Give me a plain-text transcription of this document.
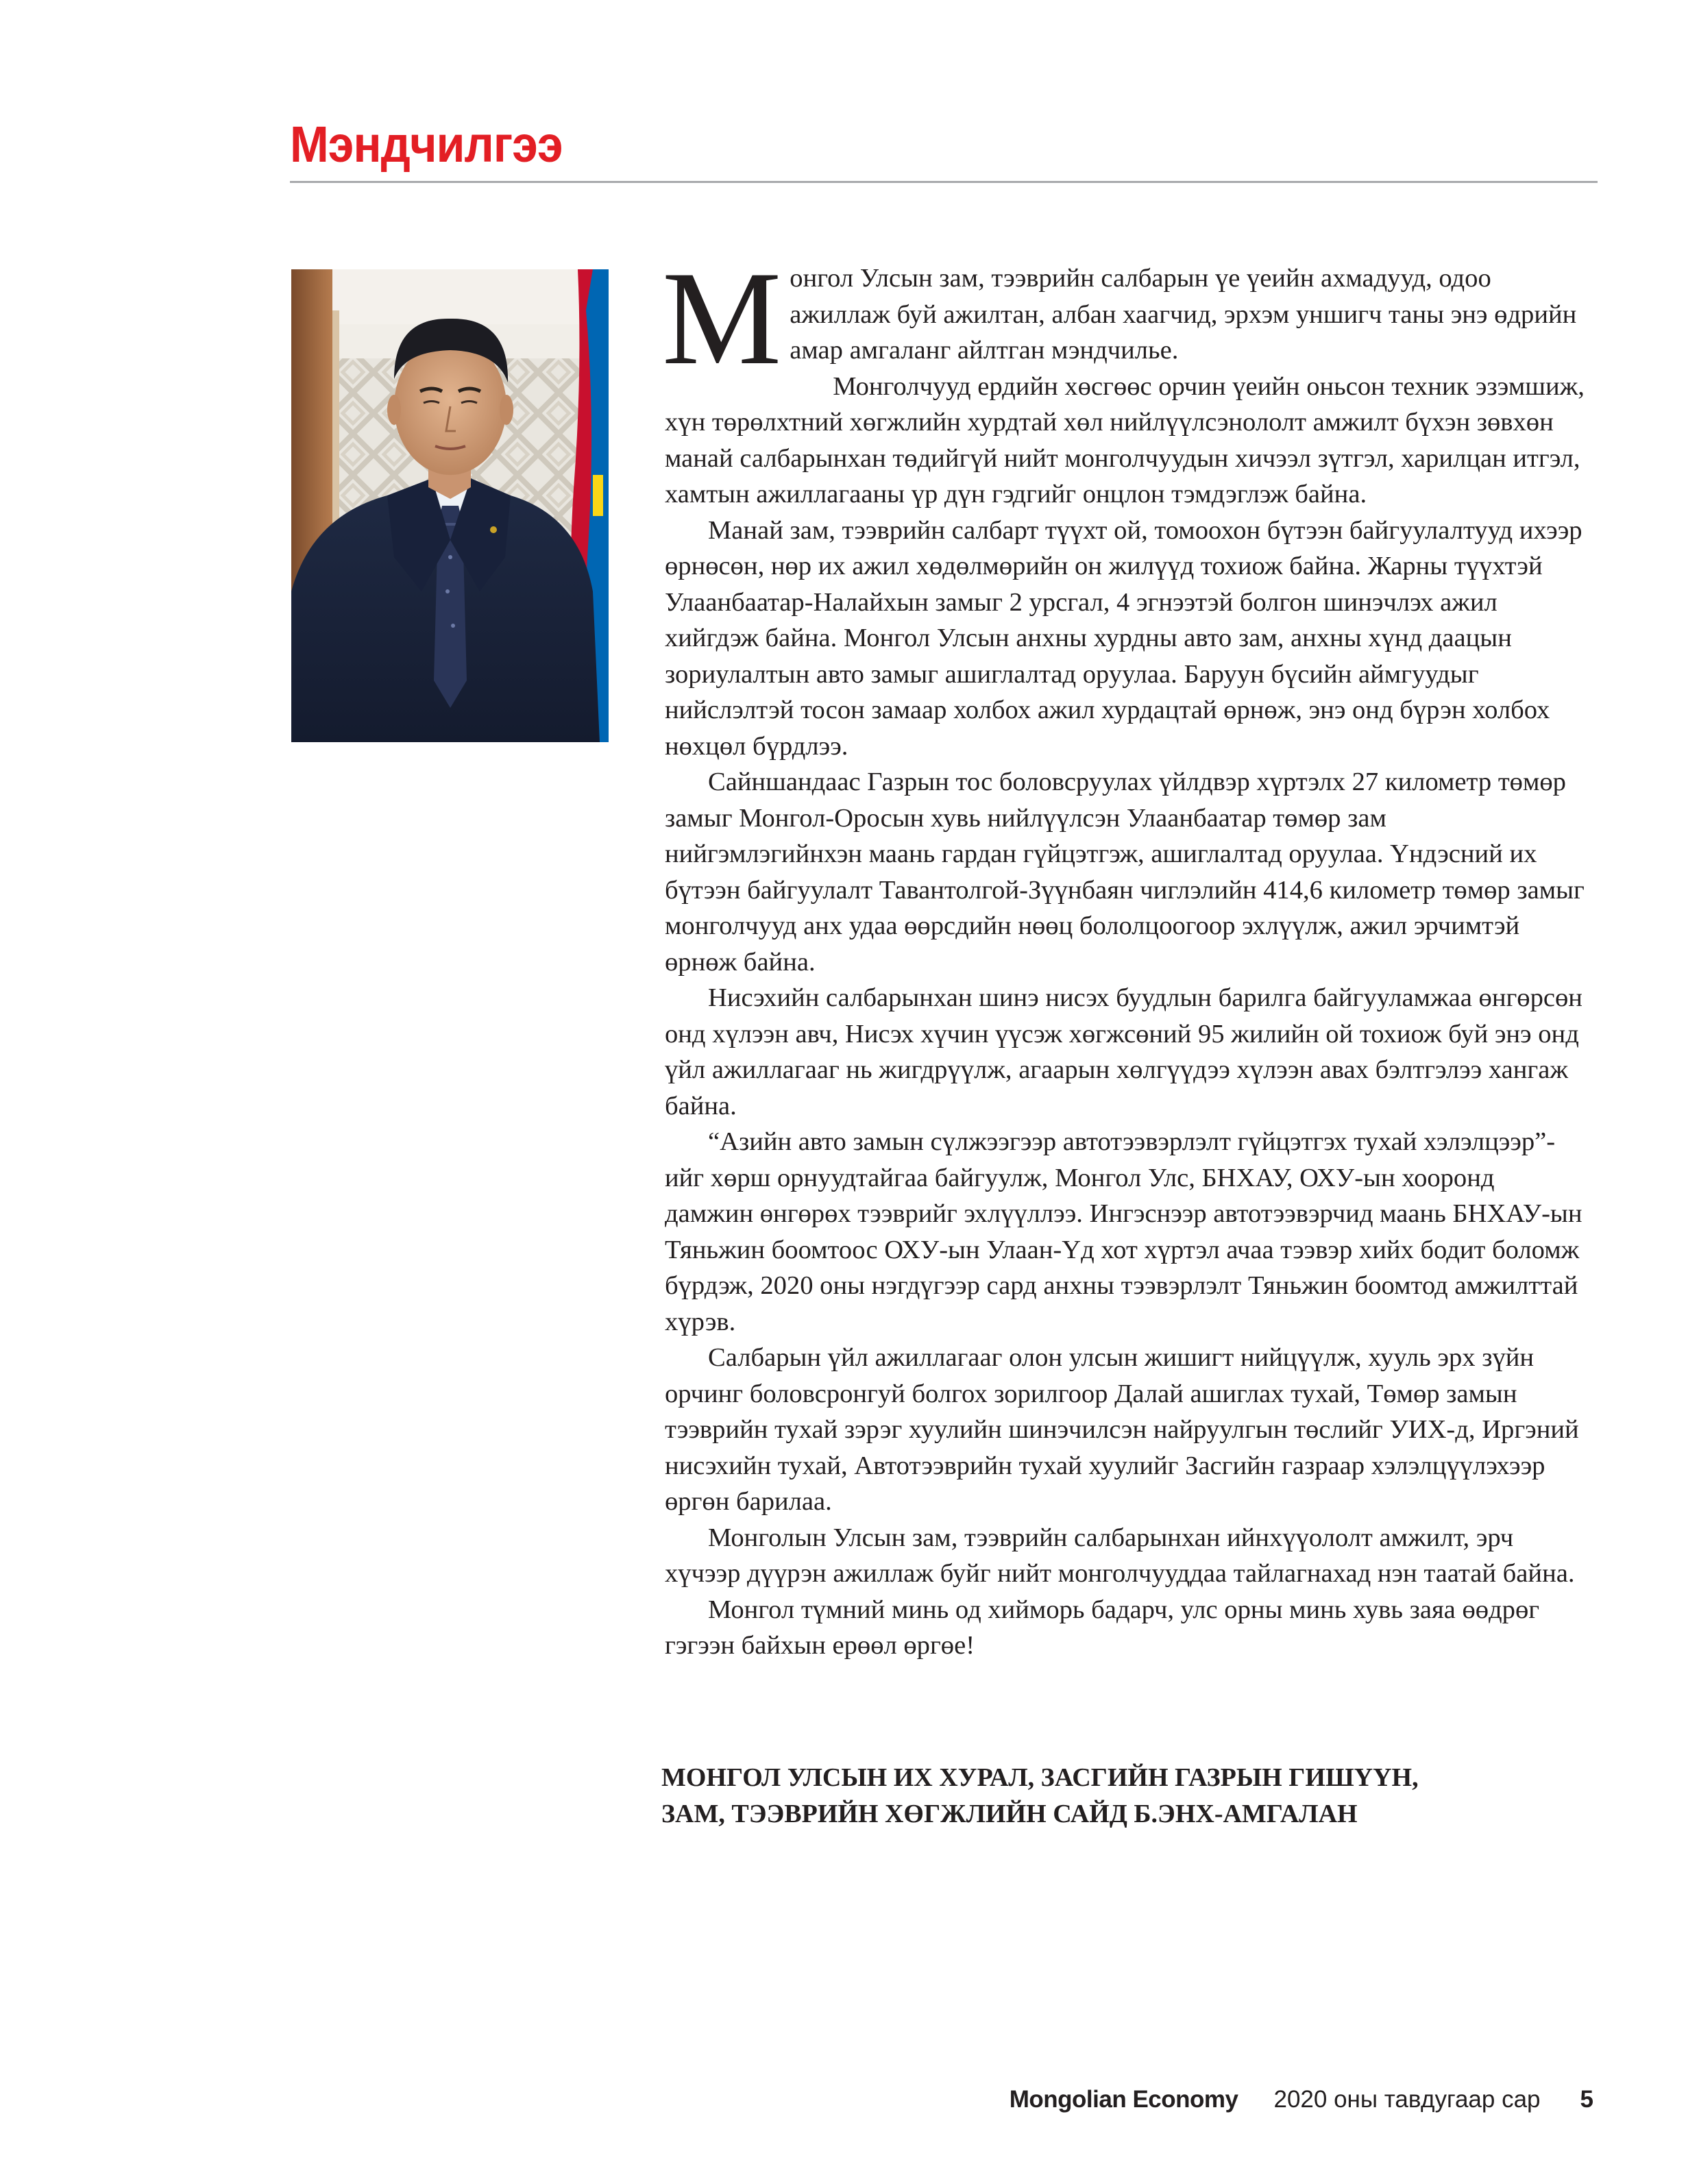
Мэндчилгээ

Монгол Улсын зам, тээврийн салбарын үе үеийн ахмадууд, одоо ажиллаж буй ажилтан, албан хаагчид, эрхэм уншигч таны энэ өдрийн амар амгаланг айлтган мэндчилье.

Монголчууд ердийн хөсгөөс орчин үеийн оньсон техник эзэмшиж, хүн төрөлхтний хөгжлийн хурдтай хөл нийлүүлсэнололт амжилт бүхэн зөвхөн манай салбарынхан төдийгүй нийт монголчуудын хичээл зүтгэл, харилцан итгэл, хамтын ажиллагааны үр дүн гэдгийг онцлон тэмдэглэж байна.

Манай зам, тээврийн салбарт түүхт ой, томоохон бүтээн байгуулалтууд ихээр өрнөсөн, нөр их ажил хөдөлмөрийн он жилүүд тохиож байна. Жарны түүхтэй Улаанбаатар-Налайхын замыг 2 урсгал, 4 эгнээтэй болгон шинэчлэх ажил хийгдэж байна. Монгол Улсын анхны хурдны авто зам, анхны хүнд даацын зориулалтын авто замыг ашиглалтад оруулаа. Баруун бүсийн аймгуудыг нийслэлтэй тосон замаар холбох ажил хурдацтай өрнөж, энэ онд бүрэн холбох нөхцөл бүрдлээ.

Сайншандаас Газрын тос боловсруулах үйлдвэр хүртэлх 27 километр төмөр замыг Монгол-Оросын хувь нийлүүлсэн Улаанбаатар төмөр зам нийгэмлэгийнхэн маань гардан гүйцэтгэж, ашиглалтад оруулаа. Үндэсний их бүтээн байгуулалт Тавантолгой-Зүүнбаян чиглэлийн 414,6 километр төмөр замыг монголчууд анх удаа өөрсдийн нөөц бололцоогоор эхлүүлж, ажил эрчимтэй өрнөж байна.

Нисэхийн салбарынхан шинэ нисэх буудлын барилга байгууламжаа өнгөрсөн онд хүлээн авч, Нисэх хүчин үүсэж хөгжсөний 95 жилийн ой тохиож буй энэ онд үйл ажиллагааг нь жигдрүүлж, агаарын хөлгүүдээ хүлээн авах бэлтгэлээ хангаж байна.

“Азийн авто замын сүлжээгээр автотээвэрлэлт гүйцэтгэх тухай хэлэлцээр”-ийг хөрш орнуудтайгаа байгуулж, Монгол Улс, БНХАУ, ОХУ-ын хооронд дамжин өнгөрөх тээврийг эхлүүллээ. Ингэснээр автотээвэрчид маань БНХАУ-ын Тяньжин боомтоос ОХУ-ын Улаан-Үд хот хүртэл ачаа тээвэр хийх бодит боломж бүрдэж, 2020 оны нэгдүгээр сард анхны тээвэрлэлт Тяньжин боомтод амжилттай хүрэв.

Салбарын үйл ажиллагааг олон улсын жишигт нийцүүлж, хууль эрх зүйн орчинг боловсронгуй болгох зорилгоор Далай ашиглах тухай, Төмөр замын тээврийн тухай зэрэг хуулийн шинэчилсэн найруулгын төслийг УИХ-д, Иргэний нисэхийн тухай, Автотээврийн тухай хуулийг Засгийн газраар хэлэлцүүлэхээр өргөн барилаа.

Монголын Улсын зам, тээврийн салбарынхан ийнхүүололт амжилт, эрч хүчээр дүүрэн ажиллаж буйг нийт монголчууддаа тайлагнахад нэн таатай байна.

Монгол түмний минь од хийморь бадарч, улс орны минь хувь заяа өөдрөг гэгээн байхын ерөөл өргөе!

МОНГОЛ УЛСЫН ИХ ХУРАЛ, ЗАСГИЙН ГАЗРЫН ГИШҮҮН,
ЗАМ, ТЭЭВРИЙН ХӨГЖЛИЙН САЙД Б.ЭНХ-АМГАЛАН
Mongolian Economy 2020 оны тавдугаар сар 5
